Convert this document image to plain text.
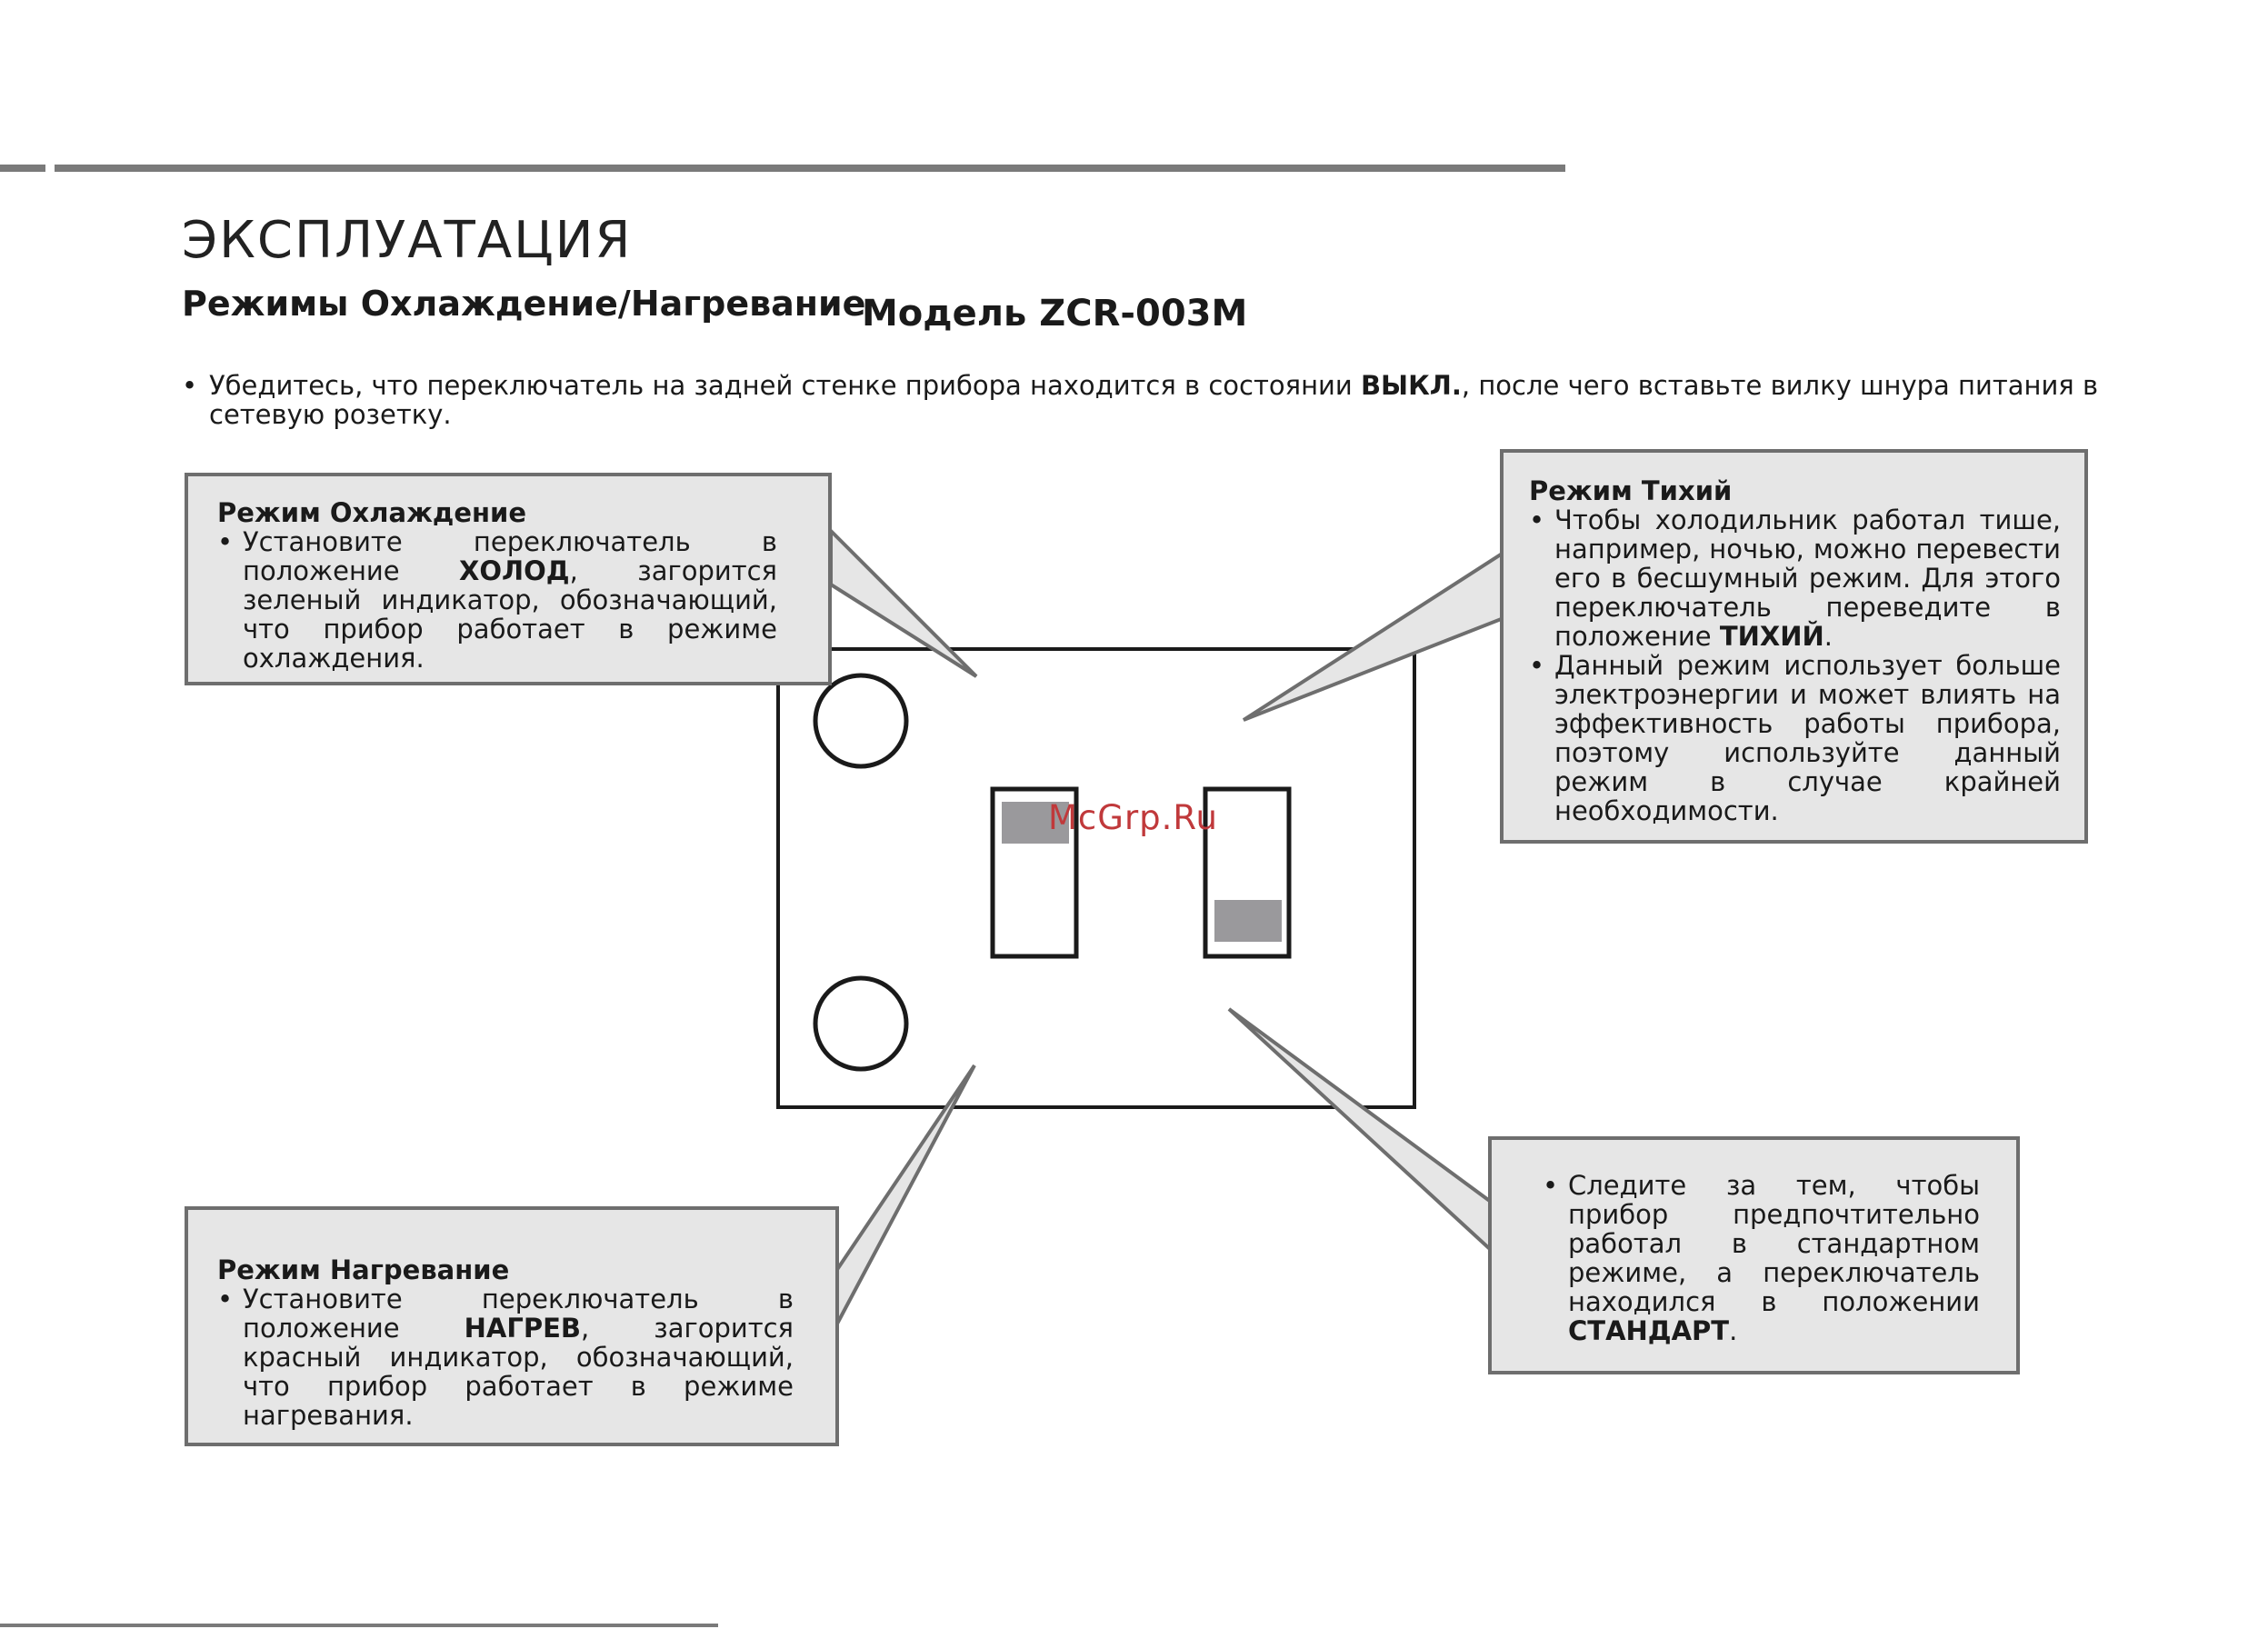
ЭКСПЛУАТАЦИЯ
Режимы Охлаждение/Нагревание
Модель ZCR-003M
• Убедитесь, что переключатель на задней стенке прибора находится в состоянии ВЫКЛ., после чего вставьте вилку шнура питания в сетевую розетку.
Режим Охлаждение
• Установите переключатель в положение ХОЛОД, загорится зеленый индикатор, обозначающий, что прибор работает в режиме охлаждения.
Режим Тихий
• Чтобы холодильник работал тише, например, ночью, можно перевести его в бесшумный режим. Для этого переключатель переведите в положение ТИХИЙ.
• Данный режим использует больше электроэнергии и может влиять на эффективность работы прибора, поэтому используйте данный режим в случае крайней необходимости.
Режим Нагревание
• Установите переключатель в положение НАГРЕВ, загорится красный индикатор, обозначающий, что прибор работает в режиме нагревания.
• Следите за тем, чтобы прибор предпочтительно работал в стандартном режиме, а переключатель находился в положении СТАНДАРТ.
McGrp.Ru
